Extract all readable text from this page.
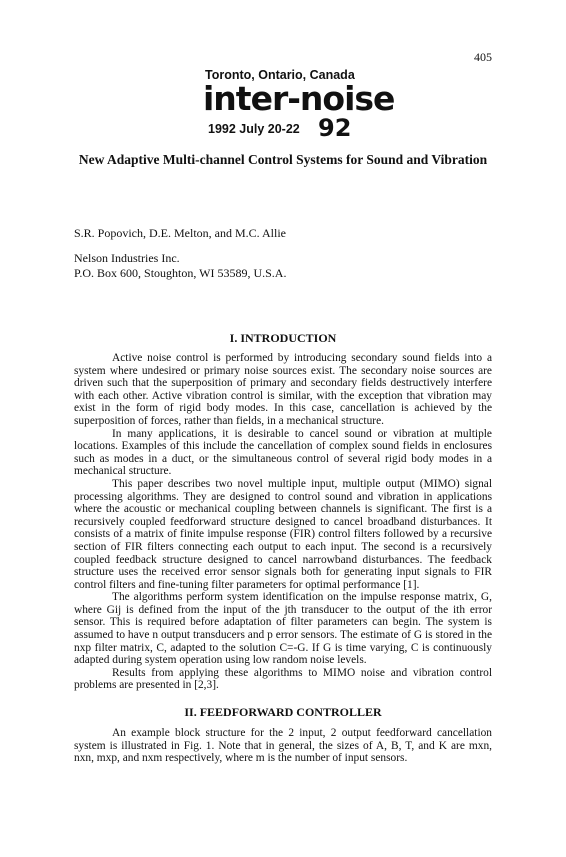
405
Toronto, Ontario, Canada
inter-noise
1992 July 20-22 92
New Adaptive Multi-channel Control Systems for Sound and Vibration
S.R. Popovich, D.E. Melton, and M.C. Allie
Nelson Industries Inc.
P.O. Box 600, Stoughton, WI 53589, U.S.A.
I. INTRODUCTION

Active noise control is performed by introducing secondary sound fields into a system where undesired or primary noise sources exist. The secondary noise sources are driven such that the superposition of primary and secondary fields destructively interfere with each other. Active vibration control is similar, with the exception that vibration may exist in the form of rigid body modes. In this case, cancellation is achieved by the superposition of forces, rather than fields, in a mechanical structure.

In many applications, it is desirable to cancel sound or vibration at multiple locations. Examples of this include the cancellation of complex sound fields in enclosures such as modes in a duct, or the simultaneous control of several rigid body modes in a mechanical structure.

This paper describes two novel multiple input, multiple output (MIMO) signal processing algorithms. They are designed to control sound and vibration in applications where the acoustic or mechanical coupling between channels is significant. The first is a recursively coupled feedforward structure designed to cancel broadband disturbances. It consists of a matrix of finite impulse response (FIR) control filters followed by a recursive section of FIR filters connecting each output to each input. The second is a recursively coupled feedback structure designed to cancel narrowband disturbances. The feedback structure uses the received error sensor signals both for generating input signals to FIR control filters and fine-tuning filter parameters for optimal performance [1].

The algorithms perform system identification on the impulse response matrix, G, where Gij is defined from the input of the jth transducer to the output of the ith error sensor. This is required before adaptation of filter parameters can begin. The system is assumed to have n output transducers and p error sensors. The estimate of G is stored in the nxp filter matrix, C, adapted to the solution C=-G. If G is time varying, C is continuously adapted during system operation using low random noise levels.

Results from applying these algorithms to MIMO noise and vibration control problems are presented in [2,3].

II. FEEDFORWARD CONTROLLER

An example block structure for the 2 input, 2 output feedforward cancellation system is illustrated in Fig. 1. Note that in general, the sizes of A, B, T, and K are mxn, nxn, mxp, and nxm respectively, where m is the number of input sensors.
